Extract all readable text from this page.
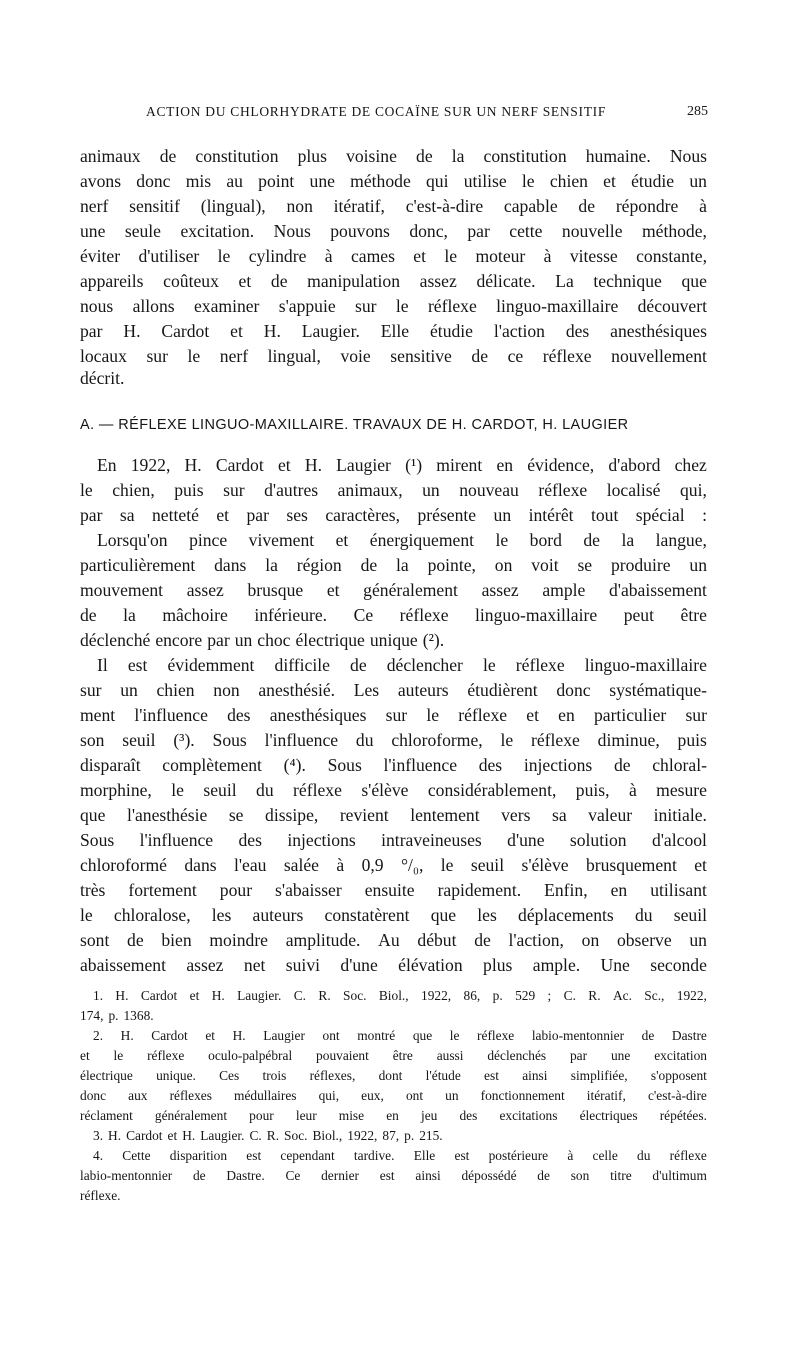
ACTION DU CHLORHYDRATE DE COCAÏNE SUR UN NERF SENSITIF	285
animaux de constitution plus voisine de la constitution humaine. Nous
avons donc mis au point une méthode qui utilise le chien et étudie un
nerf sensitif (lingual), non itératif, c'est-à-dire capable de répondre à
une seule excitation. Nous pouvons donc, par cette nouvelle méthode,
éviter d'utiliser le cylindre à cames et le moteur à vitesse constante,
appareils coûteux et de manipulation assez délicate. La technique que
nous allons examiner s'appuie sur le réflexe linguo-maxillaire découvert
par H. Cardot et H. Laugier. Elle étudie l'action des anesthésiques
locaux sur le nerf lingual, voie sensitive de ce réflexe nouvellement
décrit.
A. — RÉFLEXE LINGUO-MAXILLAIRE. TRAVAUX DE H. CARDOT, H. LAUGIER
En 1922, H. Cardot et H. Laugier (¹) mirent en évidence, d'abord chez
le chien, puis sur d'autres animaux, un nouveau réflexe localisé qui,
par sa netteté et par ses caractères, présente un intérêt tout spécial :
Lorsqu'on pince vivement et énergiquement le bord de la langue,
particulièrement dans la région de la pointe, on voit se produire un
mouvement assez brusque et généralement assez ample d'abaissement
de la mâchoire inférieure. Ce réflexe linguo-maxillaire peut être
déclenché encore par un choc électrique unique (²).
Il est évidemment difficile de déclencher le réflexe linguo-maxillaire
sur un chien non anesthésié. Les auteurs étudièrent donc systématique-
ment l'influence des anesthésiques sur le réflexe et en particulier sur
son seuil (³). Sous l'influence du chloroforme, le réflexe diminue, puis
disparaît complètement (⁴). Sous l'influence des injections de chloral-
morphine, le seuil du réflexe s'élève considérablement, puis, à mesure
que l'anesthésie se dissipe, revient lentement vers sa valeur initiale.
Sous l'influence des injections intraveineuses d'une solution d'alcool
chloroformé dans l'eau salée à 0,9 °/₀, le seuil s'élève brusquement et
très fortement pour s'abaisser ensuite rapidement. Enfin, en utilisant
le chloralose, les auteurs constatèrent que les déplacements du seuil
sont de bien moindre amplitude. Au début de l'action, on observe un
abaissement assez net suivi d'une élévation plus ample. Une seconde
1. H. Cardot et H. Laugier. C. R. Soc. Biol., 1922, 86, p. 529 ; C. R. Ac. Sc., 1922,
174, p. 1368.
2. H. Cardot et H. Laugier ont montré que le réflexe labio-mentonnier de Dastre
et le réflexe oculo-palpébral pouvaient être aussi déclenchés par une excitation
électrique unique. Ces trois réflexes, dont l'étude est ainsi simplifiée, s'opposent
donc aux réflexes médullaires qui, eux, ont un fonctionnement itératif, c'est-à-dire
réclament généralement pour leur mise en jeu des excitations électriques répétées.
3. H. Cardot et H. Laugier. C. R. Soc. Biol., 1922, 87, p. 215.
4. Cette disparition est cependant tardive. Elle est postérieure à celle du réflexe
labio-mentonnier de Dastre. Ce dernier est ainsi dépossédé de son titre d'ultimum
réflexe.
